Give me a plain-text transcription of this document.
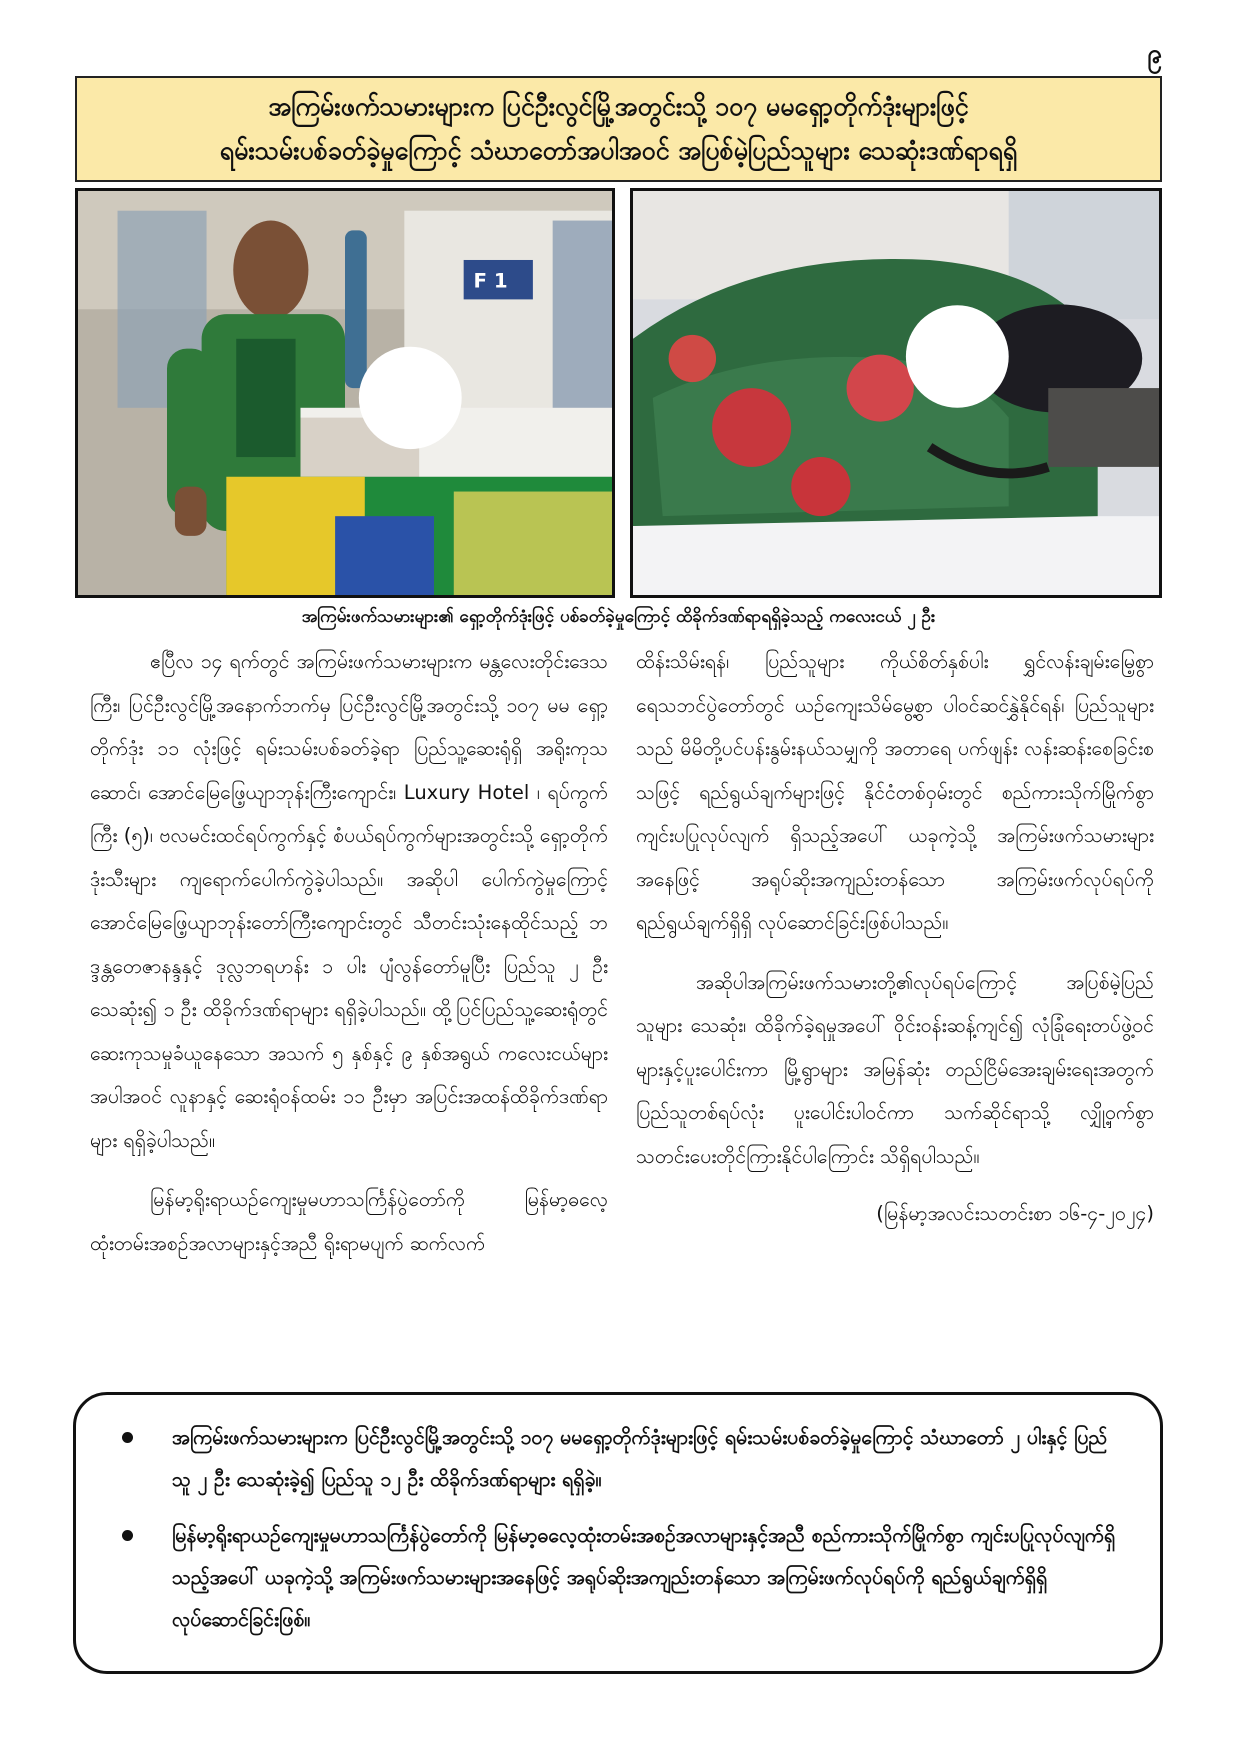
၉
အကြမ်းဖက်သမားများက ပြင်ဦးလွင်မြို့အတွင်းသို့ ၁၀၇ မမရှော့တိုက်ဒုံးများဖြင့်
ရမ်းသမ်းပစ်ခတ်ခဲ့မှုကြောင့် သံဃာတော်အပါအဝင် အပြစ်မဲ့ပြည်သူများ သေဆုံးဒဏ်ရာရရှိ
F 1
အကြမ်းဖက်သမားများ၏ ရှော့တိုက်ဒုံးဖြင့် ပစ်ခတ်ခဲ့မှုကြောင့် ထိခိုက်ဒဏ်ရာရရှိခဲ့သည့် ကလေးငယ် ၂ ဦး

ဧပြီလ ၁၄ ရက်တွင် အကြမ်းဖက်သမားများက မန္တလေးတိုင်းဒေသကြီး၊ ပြင်ဦးလွင်မြို့အနောက်ဘက်မှ ပြင်ဦးလွင်မြို့အတွင်းသို့ ၁၀၇ မမ ရှော့တိုက်ဒုံး ၁၁ လုံးဖြင့် ရမ်းသမ်းပစ်ခတ်ခဲ့ရာ ပြည်သူ့ဆေးရုံရှိ အရိုးကုသဆောင်၊ အောင်မြေဖြေ့ယျာဘုန်းကြီးကျောင်း၊ Luxury Hotel ၊ ရပ်ကွက်ကြီး (၅)၊ ဗလမင်းထင်ရပ်ကွက်နှင့် စံပယ်ရပ်ကွက်များအတွင်းသို့ ရှော့တိုက်ဒုံးသီးများ ကျရောက်ပေါက်ကွဲခဲ့ပါသည်။ အဆိုပါ ပေါက်ကွဲမှုကြောင့် အောင်မြေဖြေ့ယျာဘုန်းတော်ကြီးကျောင်းတွင် သီတင်းသုံးနေထိုင်သည့် ဘဒ္ဒန္တတေဇာနန္ဒနှင့် ဒုလ္လဘရဟန်း ၁ ပါး ပျံလွန်တော်မူပြီး ပြည်သူ ၂ ဦးသေဆုံး၍ ၁ ဦး ထိခိုက်ဒဏ်ရာများ ရရှိခဲ့ပါသည်။ ထို့ပြင်ပြည်သူ့ဆေးရုံတွင် ဆေးကုသမှုခံယူနေသော အသက် ၅ နှစ်နှင့် ၉ နှစ်အရွယ် ကလေးငယ်များအပါအဝင် လူနာနှင့် ဆေးရုံဝန်ထမ်း ၁၁ ဦးမှာ အပြင်းအထန်ထိခိုက်ဒဏ်ရာများ ရရှိခဲ့ပါသည်။

မြန်မာ့ရိုးရာယဉ်ကျေးမှုမဟာသင်္ကြန်ပွဲတော်ကို မြန်မာ့ဓလေ့ထုံးတမ်းအစဉ်အလာများနှင့်အညီ ရိုးရာမပျက် ဆက်လက်

ထိန်းသိမ်းရန်၊ ပြည်သူများ ကိုယ်စိတ်နှစ်ပါး ရွှင်လန်းချမ်းမြေ့စွာ ရေသဘင်ပွဲတော်တွင် ယဉ်ကျေးသိမ်မွေ့စွာ ပါဝင်ဆင်နွှဲနိုင်ရန်၊ ပြည်သူများသည် မိမိတို့ပင်ပန်းနွမ်းနယ်သမျှကို အတာရေ ပက်ဖျန်း လန်းဆန်းစေခြင်းစသဖြင့် ရည်ရွယ်ချက်များဖြင့် နိုင်ငံတစ်ဝှမ်းတွင် စည်ကားသိုက်မြိုက်စွာ ကျင်းပပြုလုပ်လျက် ရှိသည့်အပေါ် ယခုကဲ့သို့ အကြမ်းဖက်သမားများအနေဖြင့် အရုပ်ဆိုးအကျည်းတန်သော အကြမ်းဖက်လုပ်ရပ်ကို ရည်ရွယ်ချက်ရှိရှိ လုပ်ဆောင်ခြင်းဖြစ်ပါသည်။

အဆိုပါအကြမ်းဖက်သမားတို့၏လုပ်ရပ်ကြောင့် အပြစ်မဲ့ပြည်သူများ သေဆုံး၊ ထိခိုက်ခဲ့ရမှုအပေါ် ဝိုင်းဝန်းဆန့်ကျင်၍ လုံခြုံရေးတပ်ဖွဲ့ဝင်များနှင့်ပူးပေါင်းကာ မြို့ရွာများ အမြန်ဆုံး တည်ငြိမ်အေးချမ်းရေးအတွက် ပြည်သူတစ်ရပ်လုံး ပူးပေါင်းပါဝင်ကာ သက်ဆိုင်ရာသို့ လျှို့ဝှက်စွာ သတင်းပေးတိုင်ကြားနိုင်ပါကြောင်း သိရှိရပါသည်။

(မြန်မာ့အလင်းသတင်းစာ ၁၆-၄-၂၀၂၄)

အကြမ်းဖက်သမားများက ပြင်ဦးလွင်မြို့အတွင်းသို့ ၁၀၇ မမရှော့တိုက်ဒုံးများဖြင့် ရမ်းသမ်းပစ်ခတ်ခဲ့မှုကြောင့် သံဃာတော် ၂ ပါးနှင့် ပြည်သူ ၂ ဦး သေဆုံးခဲ့၍ ပြည်သူ ၁၂ ဦး ထိခိုက်ဒဏ်ရာများ ရရှိခဲ့။
မြန်မာ့ရိုးရာယဉ်ကျေးမှုမဟာသင်္ကြန်ပွဲတော်ကို မြန်မာ့ဓလေ့ထုံးတမ်းအစဉ်အလာများနှင့်အညီ စည်ကားသိုက်မြိုက်စွာ ကျင်းပပြုလုပ်လျက်ရှိသည့်အပေါ် ယခုကဲ့သို့ အကြမ်းဖက်သမားများအနေဖြင့် အရုပ်ဆိုးအကျည်းတန်သော အကြမ်းဖက်လုပ်ရပ်ကို ရည်ရွယ်ချက်ရှိရှိ လုပ်ဆောင်ခြင်းဖြစ်။
